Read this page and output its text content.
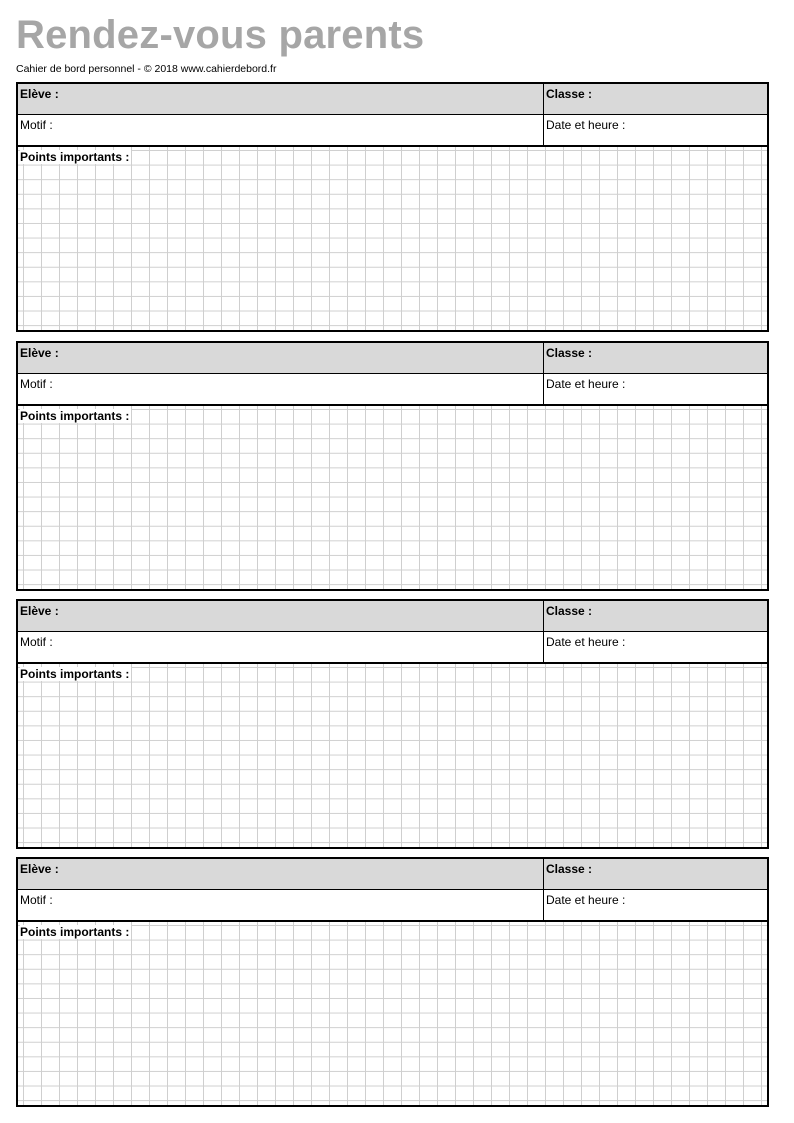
Rendez-vous parents
Cahier de bord personnel - © 2018 www.cahierdebord.fr
Elève :	Classe :
Motif :	Date et heure :
Points importants :
Elève :	Classe :
Motif :	Date et heure :
Points importants :
Elève :	Classe :
Motif :	Date et heure :
Points importants :
Elève :	Classe :
Motif :	Date et heure :
Points importants :
